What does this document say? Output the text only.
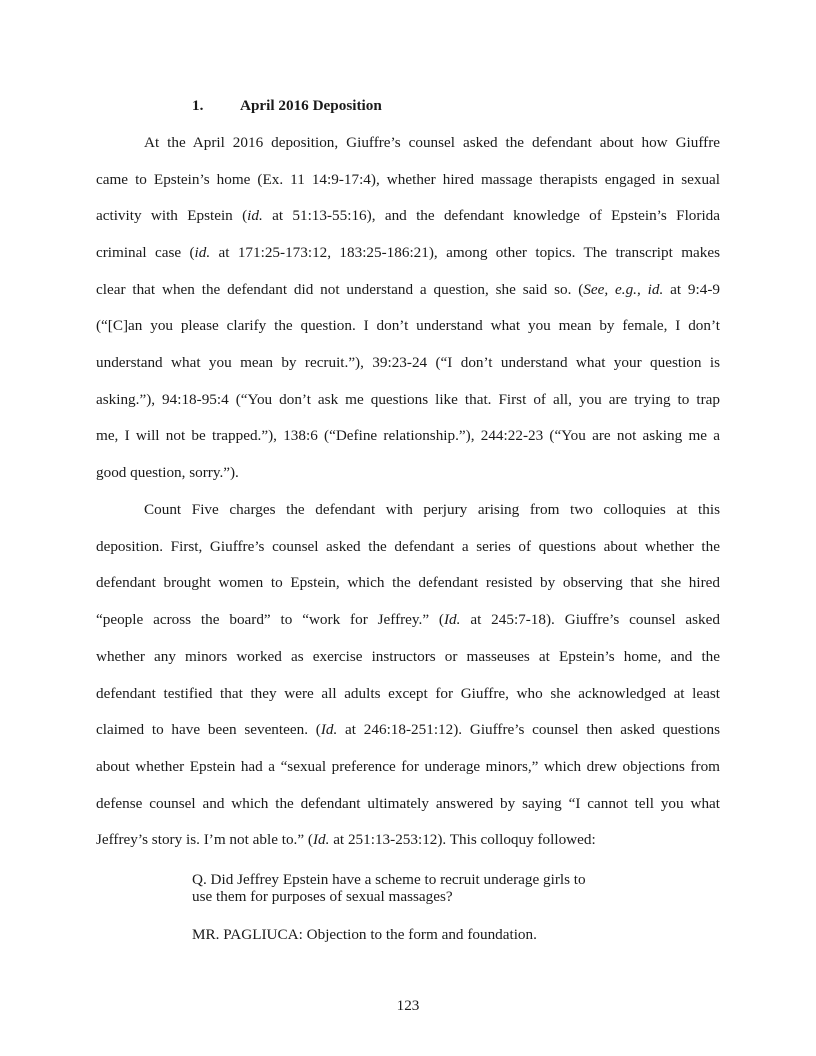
1. April 2016 Deposition
At the April 2016 deposition, Giuffre’s counsel asked the defendant about how Giuffre
came to Epstein’s home (Ex. 11 14:9-17:4), whether hired massage therapists engaged in sexual
activity with Epstein (id. at 51:13-55:16), and the defendant knowledge of Epstein’s Florida
criminal case (id. at 171:25-173:12, 183:25-186:21), among other topics. The transcript makes
clear that when the defendant did not understand a question, she said so. (See, e.g., id. at 9:4-9
(“[C]an you please clarify the question. I don’t understand what you mean by female, I don’t
understand what you mean by recruit.”), 39:23-24 (“I don’t understand what your question is
asking.”), 94:18-95:4 (“You don’t ask me questions like that. First of all, you are trying to trap
me, I will not be trapped.”), 138:6 (“Define relationship.”), 244:22-23 (“You are not asking me a
good question, sorry.”).
Count Five charges the defendant with perjury arising from two colloquies at this
deposition. First, Giuffre’s counsel asked the defendant a series of questions about whether the
defendant brought women to Epstein, which the defendant resisted by observing that she hired
“people across the board” to “work for Jeffrey.” (Id. at 245:7-18). Giuffre’s counsel asked
whether any minors worked as exercise instructors or masseuses at Epstein’s home, and the
defendant testified that they were all adults except for Giuffre, who she acknowledged at least
claimed to have been seventeen. (Id. at 246:18-251:12). Giuffre’s counsel then asked questions
about whether Epstein had a “sexual preference for underage minors,” which drew objections from
defense counsel and which the defendant ultimately answered by saying “I cannot tell you what
Jeffrey’s story is. I’m not able to.” (Id. at 251:13-253:12). This colloquy followed:
Q. Did Jeffrey Epstein have a scheme to recruit underage girls to
use them for purposes of sexual massages?
MR. PAGLIUCA: Objection to the form and foundation.
123
